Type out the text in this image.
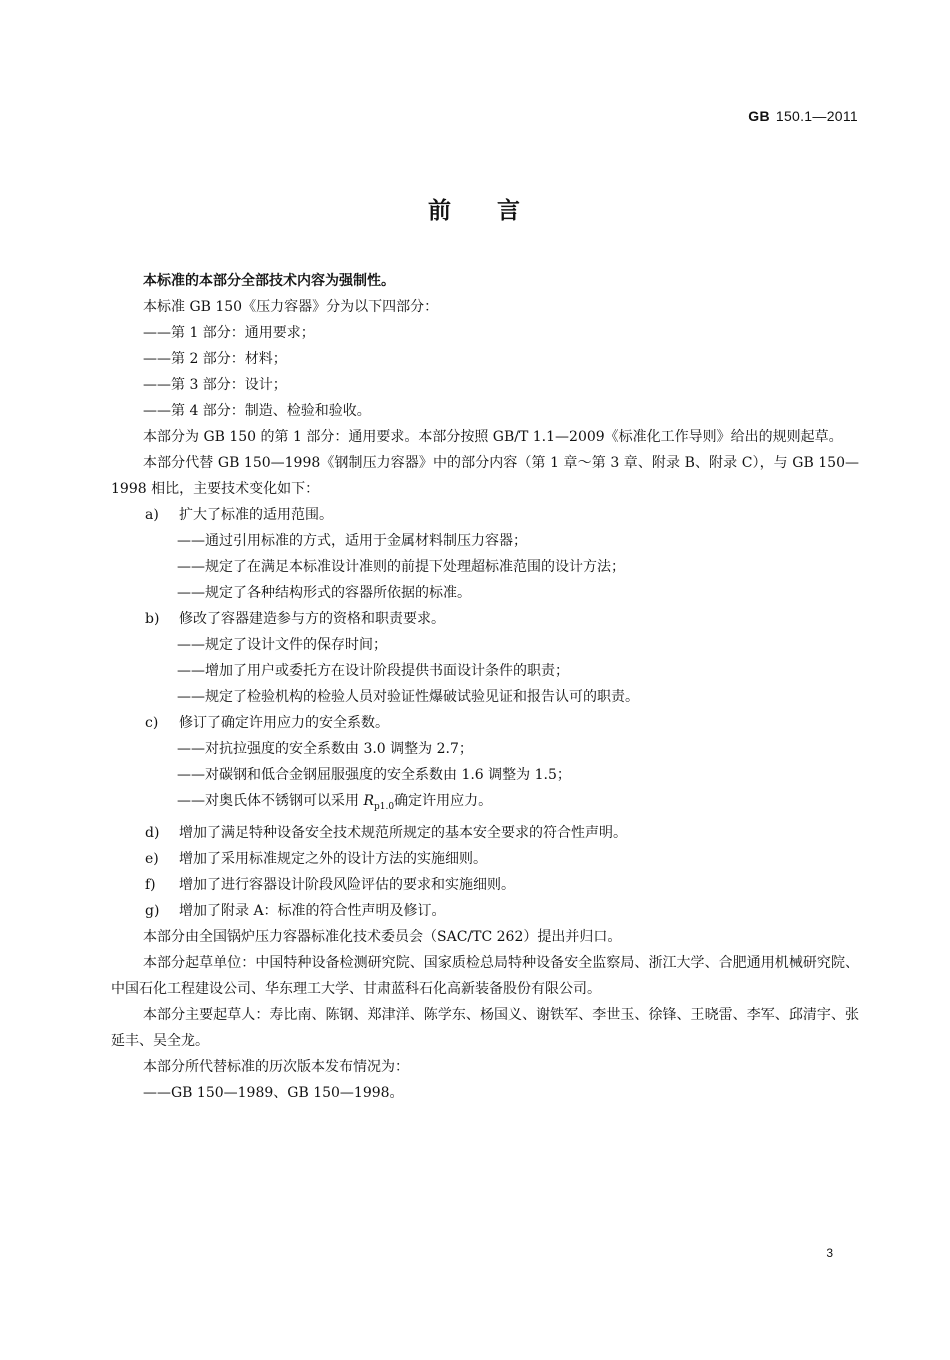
GB 150.1—2011
前 言

本标准的本部分全部技术内容为强制性。

本标准 GB 150《压力容器》分为以下四部分：

——第 1 部分：通用要求；

——第 2 部分：材料；

——第 3 部分：设计；

——第 4 部分：制造、检验和验收。

本部分为 GB 150 的第 1 部分：通用要求。本部分按照 GB/T 1.1—2009《标准化工作导则》给出的规则起草。

本部分代替 GB 150—1998《钢制压力容器》中的部分内容（第 1 章～第 3 章、附录 B、附录 C），与 GB 150—1998 相比，主要技术变化如下：

a) 扩大了标准的适用范围。

——通过引用标准的方式，适用于金属材料制压力容器；

——规定了在满足本标准设计准则的前提下处理超标准范围的设计方法；

——规定了各种结构形式的容器所依据的标准。

b) 修改了容器建造参与方的资格和职责要求。

——规定了设计文件的保存时间；

——增加了用户或委托方在设计阶段提供书面设计条件的职责；

——规定了检验机构的检验人员对验证性爆破试验见证和报告认可的职责。

c) 修订了确定许用应力的安全系数。

——对抗拉强度的安全系数由 3.0 调整为 2.7；

——对碳钢和低合金钢屈服强度的安全系数由 1.6 调整为 1.5；

——对奥氏体不锈钢可以采用 $R_{p1.0}$确定许用应力。

d) 增加了满足特种设备安全技术规范所规定的基本安全要求的符合性声明。

e) 增加了采用标准规定之外的设计方法的实施细则。

f) 增加了进行容器设计阶段风险评估的要求和实施细则。

g) 增加了附录 A：标准的符合性声明及修订。

本部分由全国锅炉压力容器标准化技术委员会（SAC/TC 262）提出并归口。

本部分起草单位：中国特种设备检测研究院、国家质检总局特种设备安全监察局、浙江大学、合肥通用机械研究院、中国石化工程建设公司、华东理工大学、甘肃蓝科石化高新装备股份有限公司。

本部分主要起草人：寿比南、陈钢、郑津洋、陈学东、杨国义、谢铁军、李世玉、徐锋、王晓雷、李军、邱清宇、张延丰、吴全龙。

本部分所代替标准的历次版本发布情况为：

——GB 150—1989、GB 150—1998。

3
